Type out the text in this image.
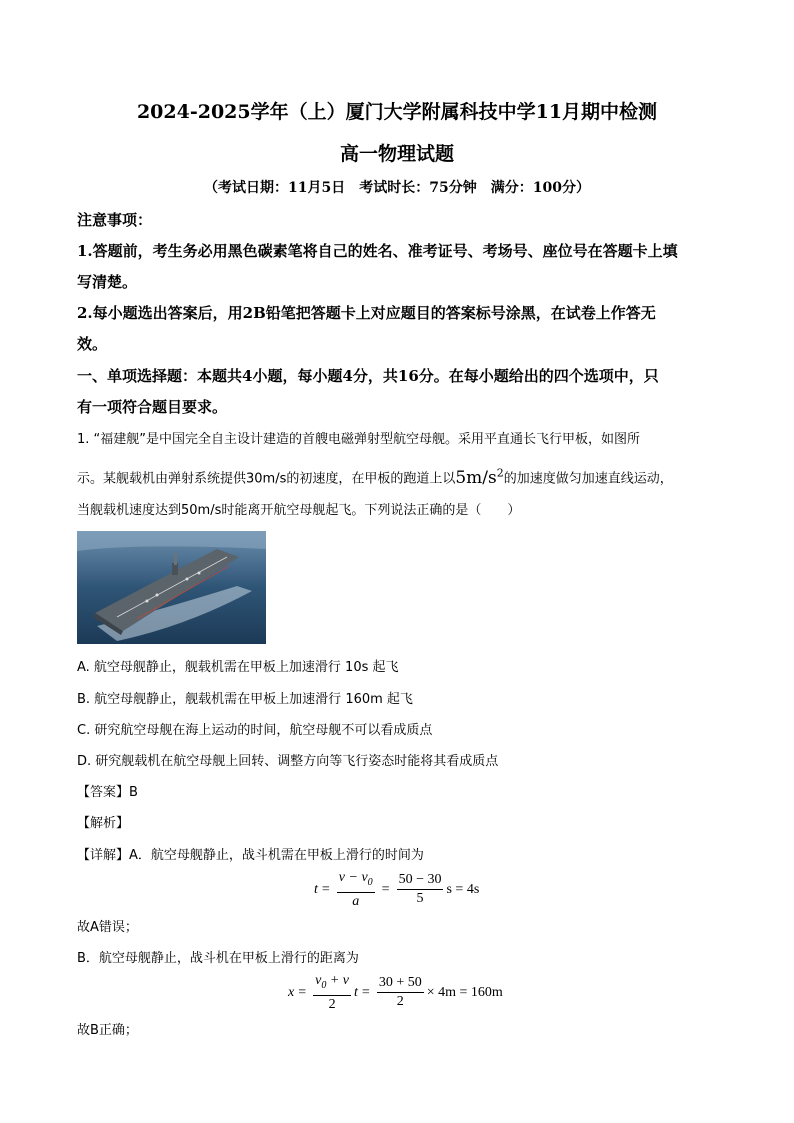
2024-2025学年（上）厦门大学附属科技中学11月期中检测
高一物理试题
（考试日期：11月5日　考试时长：75分钟　满分：100分）
注意事项：
1.答题前，考生务必用黑色碳素笔将自己的姓名、准考证号、考场号、座位号在答题卡上填
写清楚。
2.每小题选出答案后，用2B铅笔把答题卡上对应题目的答案标号涂黑，在试卷上作答无
效。
一、单项选择题：本题共4小题，每小题4分，共16分。在每小题给出的四个选项中，只
有一项符合题目要求。
1. “福建舰”是中国完全自主设计建造的首艘电磁弹射型航空母舰。采用平直通长飞行甲板，如图所
示。某舰载机由弹射系统提供30m/s的初速度，在甲板的跑道上以$5m/s^2$的加速度做匀加速直线运动，
当舰载机速度达到50m/s时能离开航空母舰起飞。下列说法正确的是（　　）
A. 航空母舰静止，舰载机需在甲板上加速滑行 10s 起飞
B. 航空母舰静止，舰载机需在甲板上加速滑行 160m 起飞
C. 研究航空母舰在海上运动的时间，航空母舰不可以看成质点
D. 研究舰载机在航空母舰上回转、调整方向等飞行姿态时能将其看成质点
【答案】B
【解析】
【详解】A．航空母舰静止，战斗机需在甲板上滑行的时间为
$t = \frac{v - v_0}{a} = \frac{50 - 30}{5}$ s = 4s
故A错误；
B．航空母舰静止，战斗机在甲板上滑行的距离为
$x = \frac{v_0 + v}{2}$ $t = \frac{30 + 50}{2} \times 4m = 160m$
故B正确；
